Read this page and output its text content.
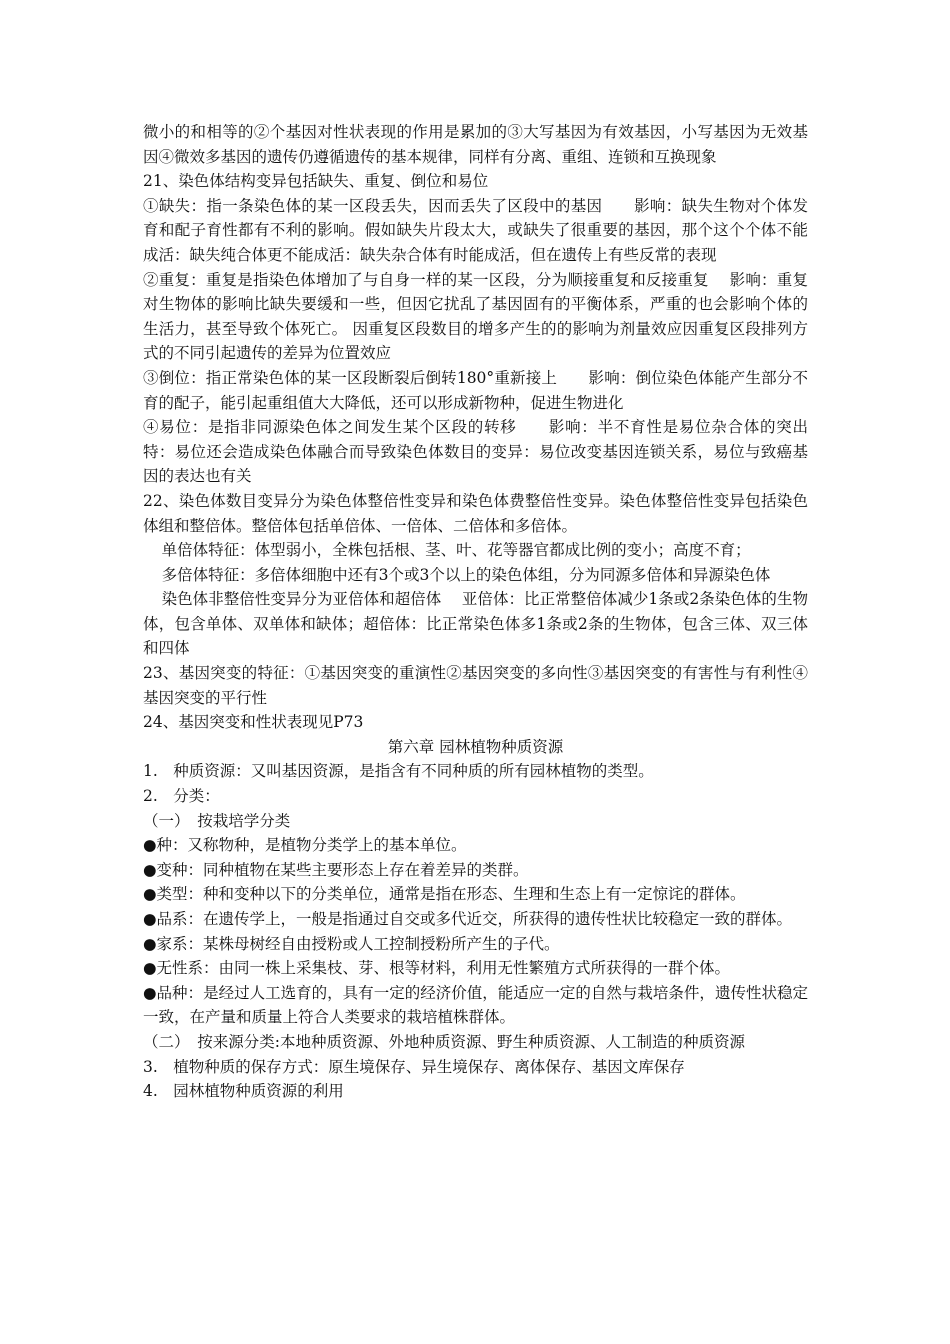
微小的和相等的②个基因对性状表现的作用是累加的③大写基因为有效基因，小写基因为无效基因④微效多基因的遗传仍遵循遗传的基本规律，同样有分离、重组、连锁和互换现象

21、染色体结构变异包括缺失、重复、倒位和易位

①缺失：指一条染色体的某一区段丢失，因而丢失了区段中的基因　　影响：缺失生物对个体发育和配子育性都有不利的影响。假如缺失片段太大，或缺失了很重要的基因，那个这个个体不能成活：缺失纯合体更不能成活：缺失杂合体有时能成活，但在遗传上有些反常的表现

②重复：重复是指染色体增加了与自身一样的某一区段，分为顺接重复和反接重复　 影响：重复对生物体的影响比缺失要缓和一些，但因它扰乱了基因固有的平衡体系，严重的也会影响个体的生活力，甚至导致个体死亡。 因重复区段数目的增多产生的的影响为剂量效应因重复区段排列方式的不同引起遗传的差异为位置效应

③倒位：指正常染色体的某一区段断裂后倒转180°重新接上　　影响：倒位染色体能产生部分不育的配子，能引起重组值大大降低，还可以形成新物种，促进生物进化

④易位：是指非同源染色体之间发生某个区段的转移　　影响：半不育性是易位杂合体的突出特：易位还会造成染色体融合而导致染色体数目的变异：易位改变基因连锁关系，易位与致癌基因的表达也有关

22、染色体数目变异分为染色体整倍性变异和染色体费整倍性变异。染色体整倍性变异包括染色体组和整倍体。整倍体包括单倍体、一倍体、二倍体和多倍体。

单倍体特征：体型弱小，全株包括根、茎、叶、花等器官都成比例的变小；高度不育；

多倍体特征：多倍体细胞中还有3个或3个以上的染色体组，分为同源多倍体和异源染色体

染色体非整倍性变异分为亚倍体和超倍体　 亚倍体：比正常整倍体减少1条或2条染色体的生物体，包含单体、双单体和缺体；超倍体：比正常染色体多1条或2条的生物体，包含三体、双三体和四体

23、基因突变的特征：①基因突变的重演性②基因突变的多向性③基因突变的有害性与有利性④基因突变的平行性

24、基因突变和性状表现见P73

第六章 园林植物种质资源

1.　种质资源：又叫基因资源，是指含有不同种质的所有园林植物的类型。

2.　分类：

（一）　按栽培学分类

●种：又称物种，是植物分类学上的基本单位。

●变种：同种植物在某些主要形态上存在着差异的类群。

●类型：种和变种以下的分类单位，通常是指在形态、生理和生态上有一定惊诧的群体。

●品系：在遗传学上，一般是指通过自交或多代近交，所获得的遗传性状比较稳定一致的群体。

●家系：某株母树经自由授粉或人工控制授粉所产生的子代。

●无性系：由同一株上采集枝、芽、根等材料，利用无性繁殖方式所获得的一群个体。

●品种：是经过人工选育的，具有一定的经济价值，能适应一定的自然与栽培条件，遗传性状稳定一致，在产量和质量上符合人类要求的栽培植株群体。

（二）　按来源分类:本地种质资源、外地种质资源、野生种质资源、人工制造的种质资源

3.　植物种质的保存方式：原生境保存、异生境保存、离体保存、基因文库保存

4.　园林植物种质资源的利用
